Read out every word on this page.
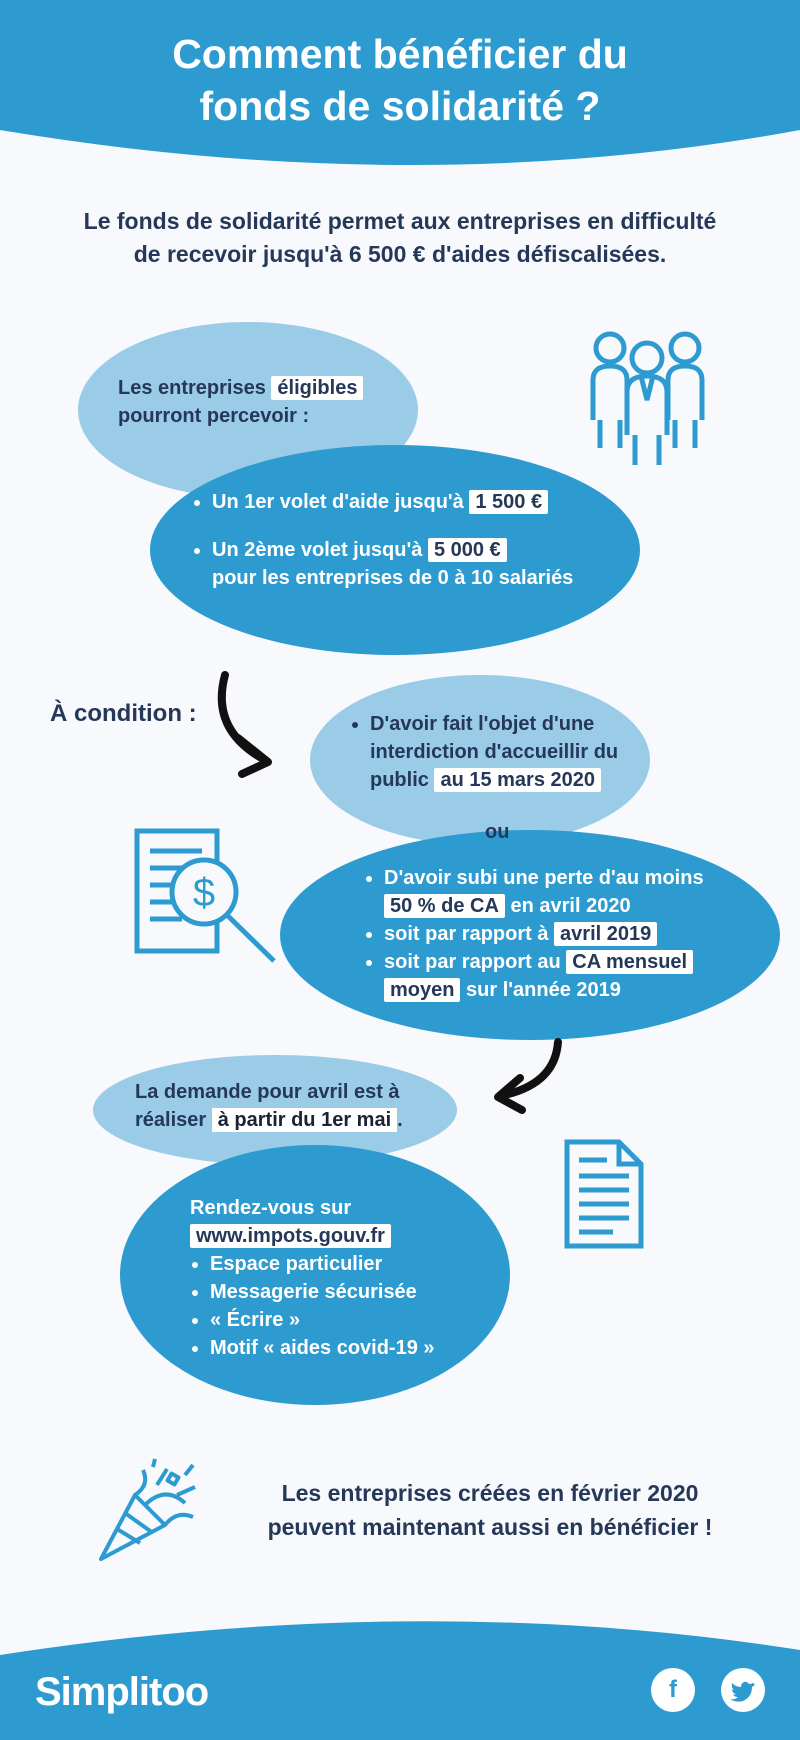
Comment bénéficier du
fonds de solidarité ?
Le fonds de solidarité permet aux entreprises en difficulté
de recevoir jusqu'à 6 500 € d'aides défiscalisées.
Les entreprises éligibles
pourront percevoir :
• Un 1er volet d'aide jusqu'à 1 500 €
• Un 2ème volet jusqu'à 5 000 €
pour les entreprises de 0 à 10 salariés
À condition :	• D'avoir fait l'objet d'une
interdiction d'accueillir du
public au 15 mars 2020
ou
$	• D'avoir subi une perte d'au moins
50 % de CA en avril 2020
• soit par rapport à avril 2019
• soit par rapport au CA mensuel
moyen sur l'année 2019
La demande pour avril est à
réaliser à partir du 1er mai .
Rendez-vous sur
www.impots.gouv.fr
• Espace particulier
• Messagerie sécurisée
• « Écrire »
• Motif « aides covid-19 »
Les entreprises créées en février 2020
peuvent maintenant aussi en bénéficier !
Simplitoo	f
